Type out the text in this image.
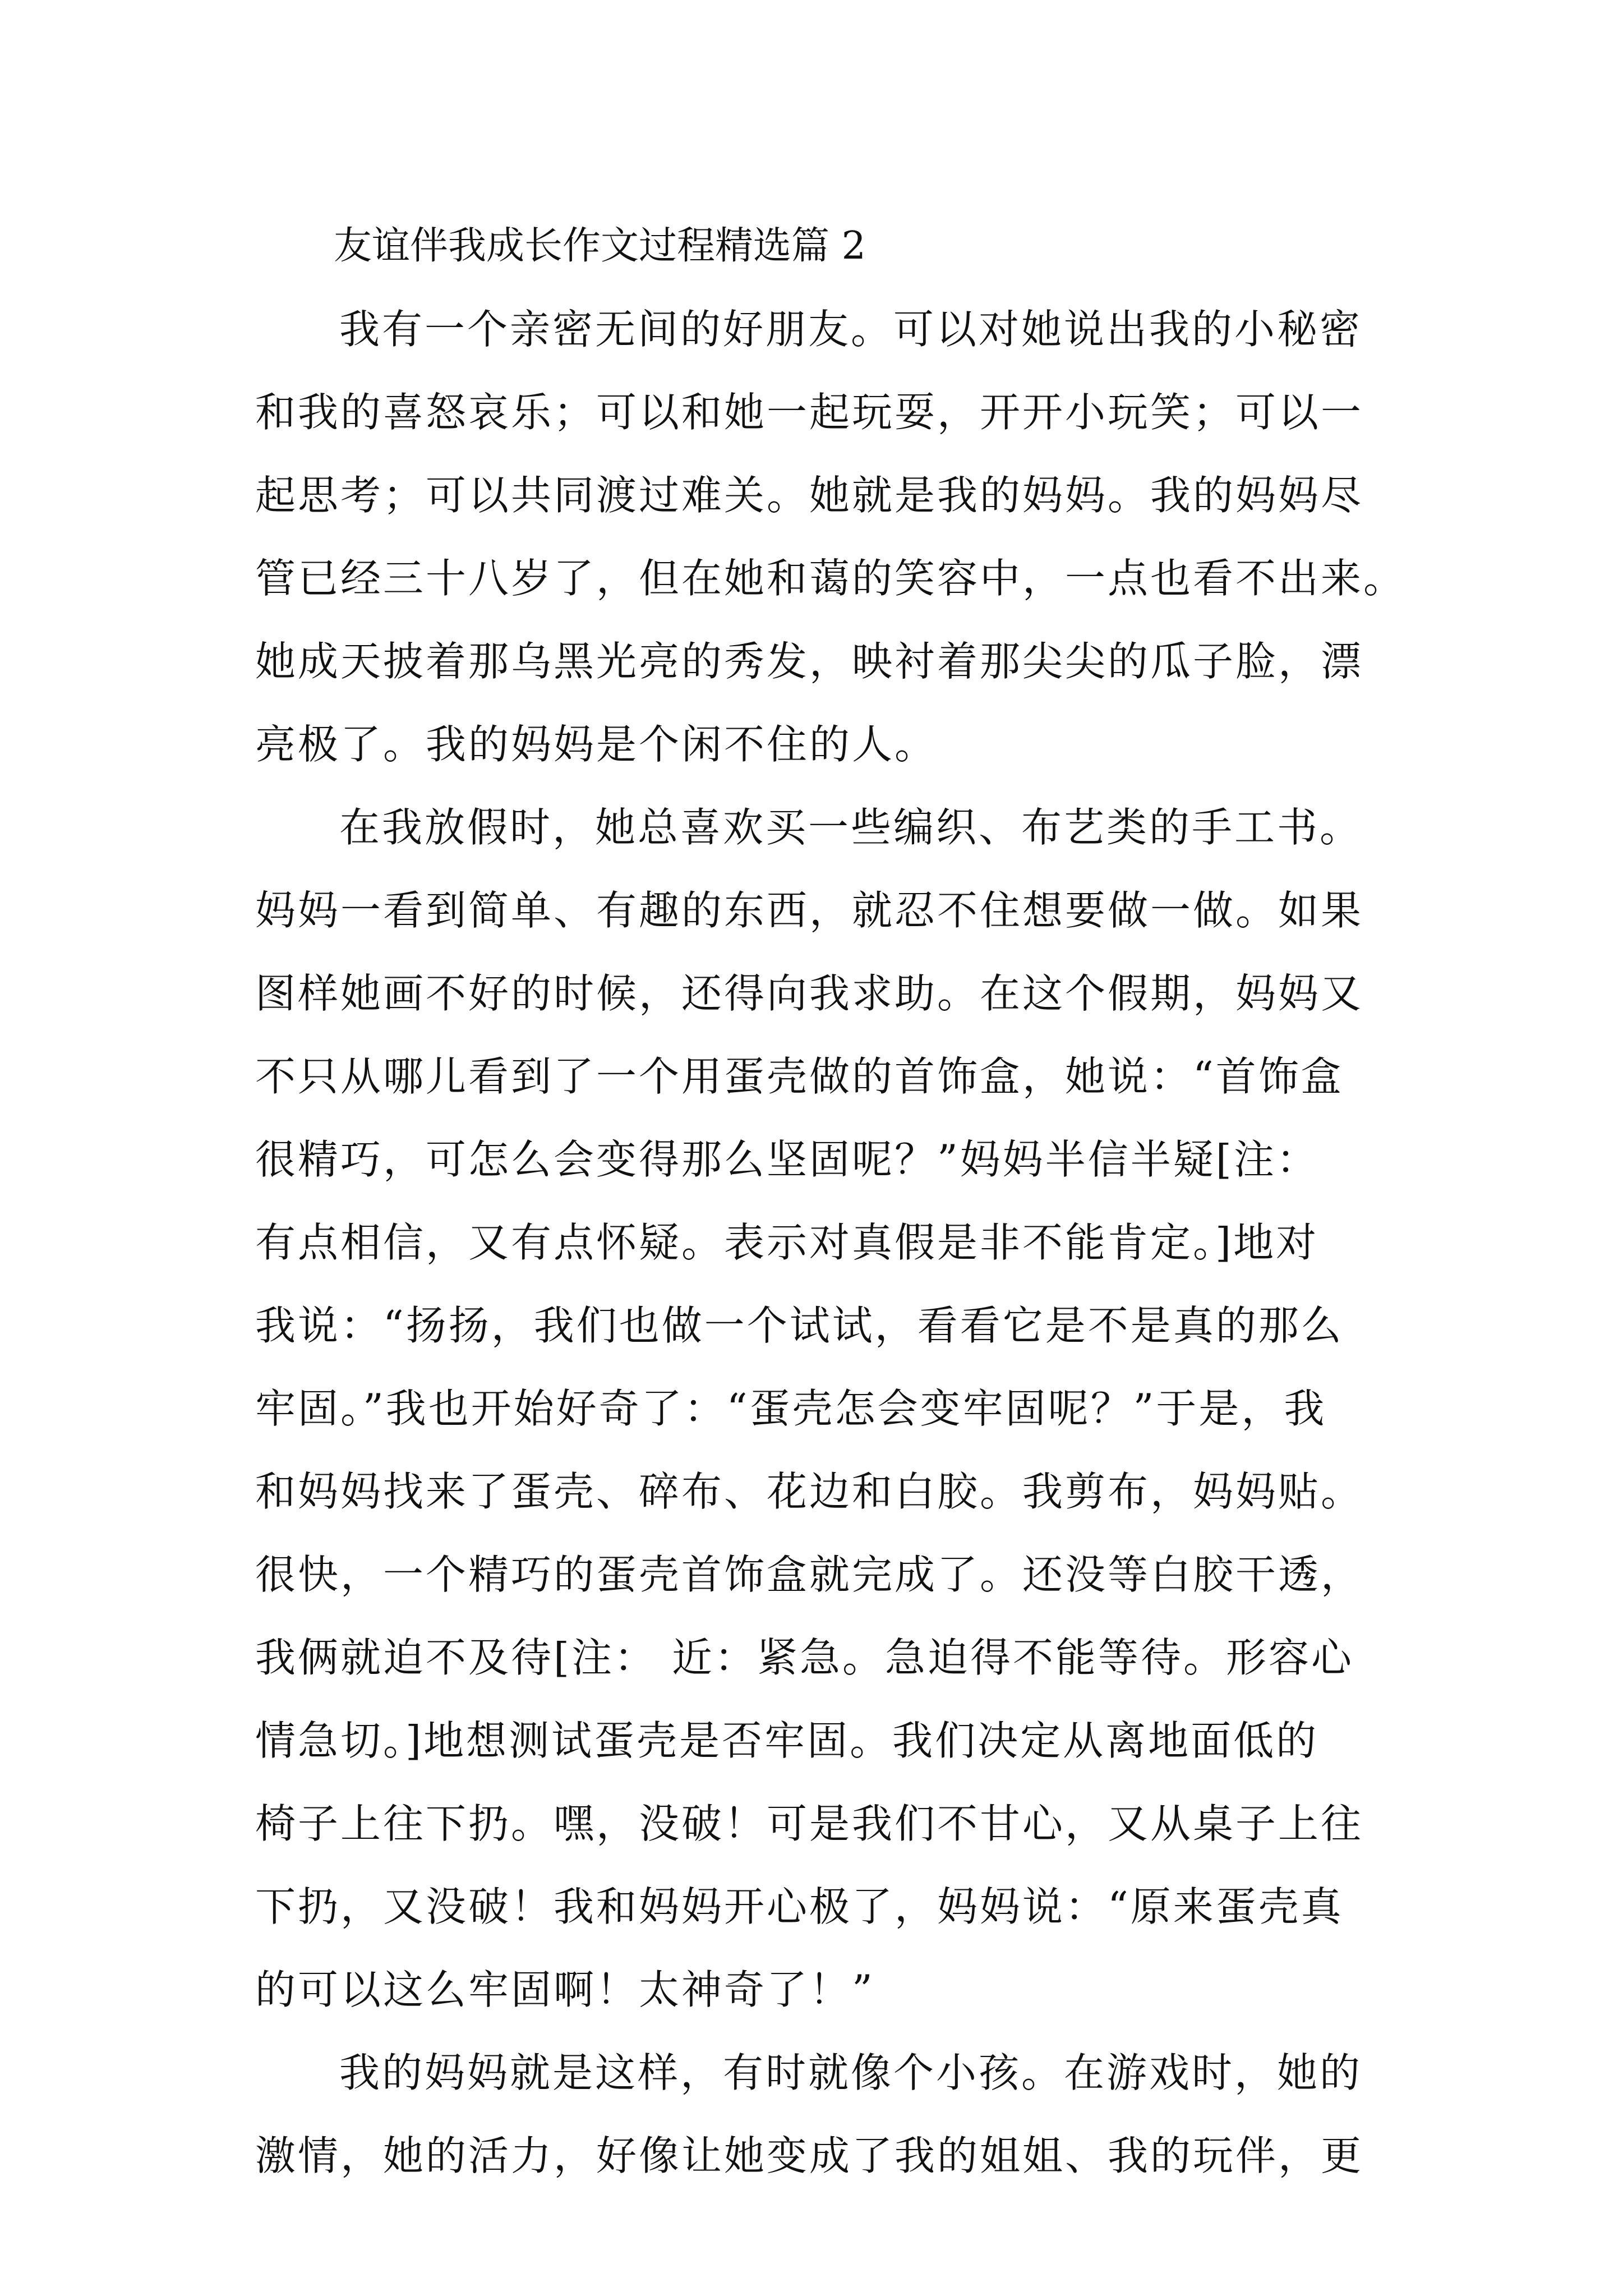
友谊伴我成长作文过程精选篇 2
我有一个亲密无间的好朋友。可以对她说出我的小秘密
和我的喜怒哀乐；可以和她一起玩耍，开开小玩笑；可以一
起思考；可以共同渡过难关。她就是我的妈妈。我的妈妈尽
管已经三十八岁了，但在她和蔼的笑容中，一点也看不出来。
她成天披着那乌黑光亮的秀发，映衬着那尖尖的瓜子脸，漂
亮极了。我的妈妈是个闲不住的人。
在我放假时，她总喜欢买一些编织、布艺类的手工书。
妈妈一看到简单、有趣的东西，就忍不住想要做一做。如果
图样她画不好的时候，还得向我求助。在这个假期，妈妈又
不只从哪儿看到了一个用蛋壳做的首饰盒，她说：“首饰盒
很精巧，可怎么会变得那么坚固呢？”妈妈半信半疑[注：
有点相信，又有点怀疑。表示对真假是非不能肯定。]地对
我说：“扬扬，我们也做一个试试，看看它是不是真的那么
牢固。”我也开始好奇了：“蛋壳怎会变牢固呢？”于是，我
和妈妈找来了蛋壳、碎布、花边和白胶。我剪布，妈妈贴。
很快，一个精巧的蛋壳首饰盒就完成了。还没等白胶干透，
我俩就迫不及待[注： 近：紧急。急迫得不能等待。形容心
情急切。]地想测试蛋壳是否牢固。我们决定从离地面低的
椅子上往下扔。嘿，没破！可是我们不甘心，又从桌子上往
下扔，又没破！我和妈妈开心极了，妈妈说：“原来蛋壳真
的可以这么牢固啊！太神奇了！”
我的妈妈就是这样，有时就像个小孩。在游戏时，她的
激情，她的活力，好像让她变成了我的姐姐、我的玩伴，更
